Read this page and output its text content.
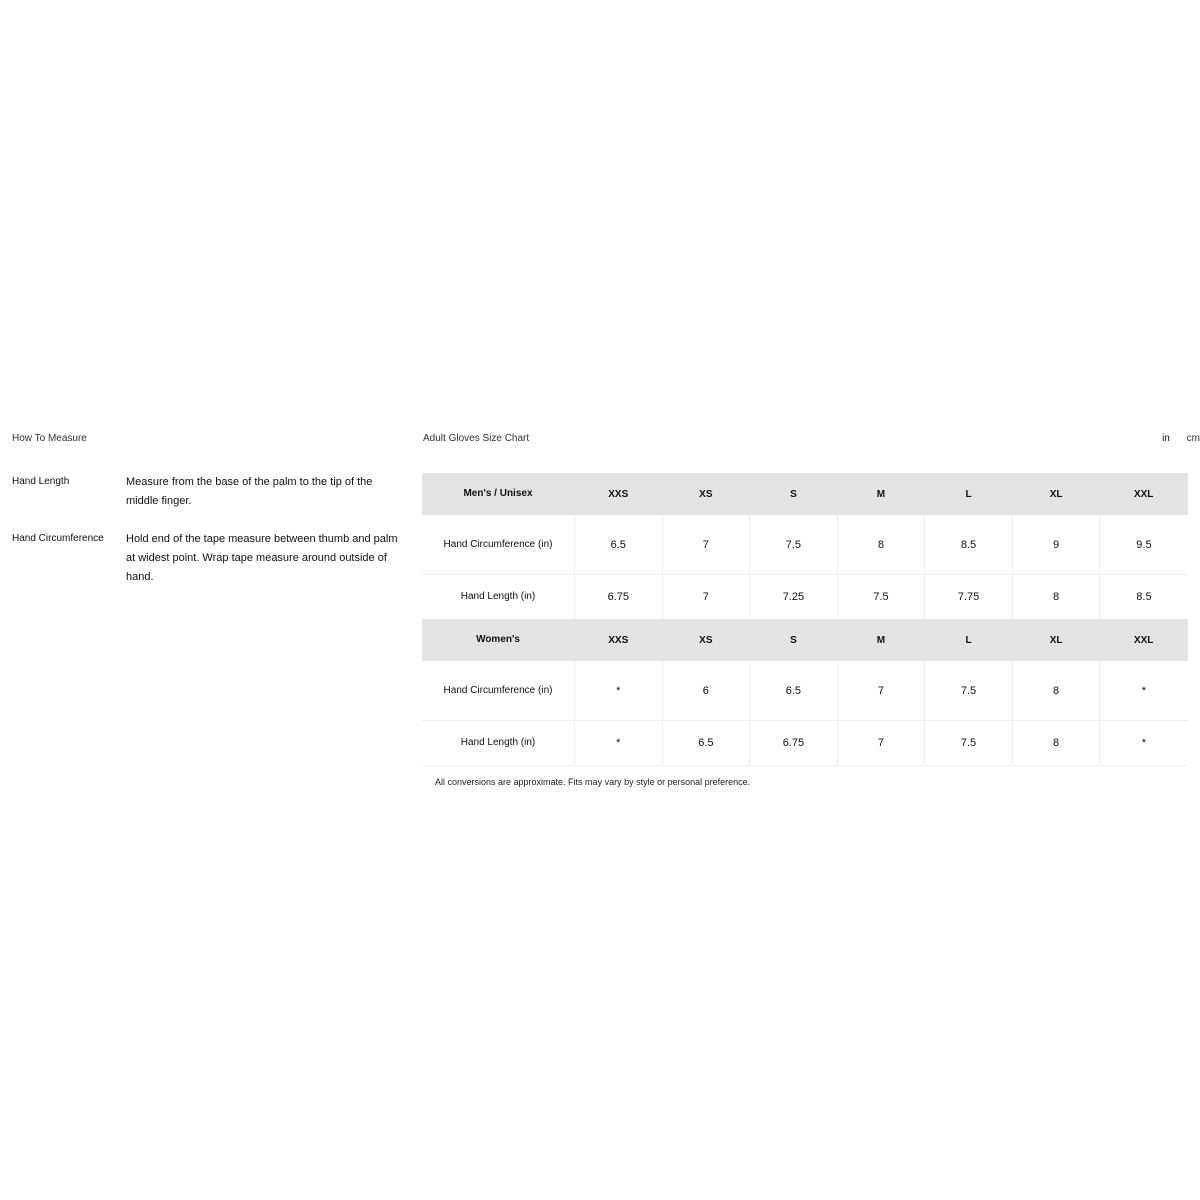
How To Measure
Hand Length	Measure from the base of the palm to the tip of the middle finger.
Hand Circumference	Hold end of the tape measure between thumb and palm at widest point. Wrap tape measure around outside of hand.
Adult Gloves Size Chart	in cm
Men's / Unisex	XXS	XS	S	M	L	XL	XXL
Hand Circumference (in)	6.5	7	7.5	8	8.5	9	9.5
Hand Length (in)	6.75	7	7.25	7.5	7.75	8	8.5
Women's	XXS	XS	S	M	L	XL	XXL
Hand Circumference (in)	*	6	6.5	7	7.5	8	*
Hand Length (in)	*	6.5	6.75	7	7.5	8	*
All conversions are approximate. Fits may vary by style or personal preference.
